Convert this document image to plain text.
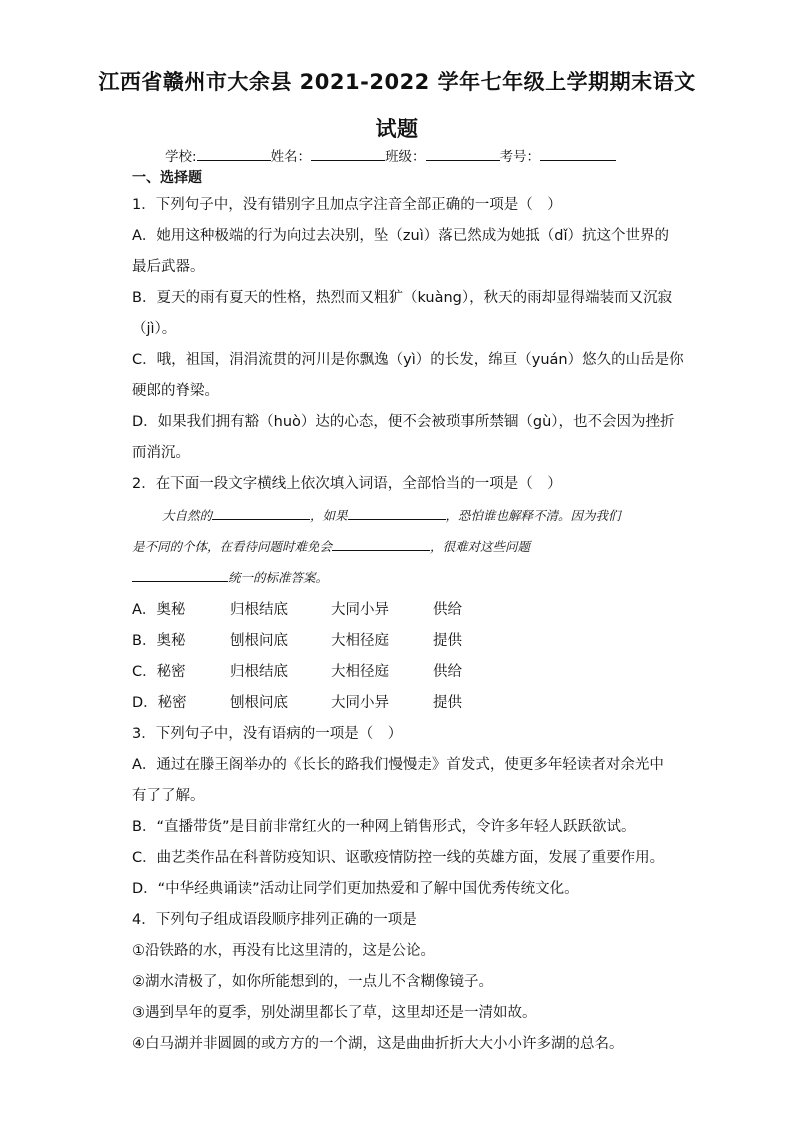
江西省赣州市大余县 2021-2022 学年七年级上学期期末语文
试题
学校:	姓名：	班级：	考号：
一、选择题
1．下列句子中，没有错别字且加点字注音全部正确的一项是（　）
A．她用这种极端的行为向过去决别，坠（zuì）落已然成为她抵（dǐ）抗这个世界的
最后武器。
B．夏天的雨有夏天的性格，热烈而又粗犷（kuàng），秋天的雨却显得端装而又沉寂
（jì）。
C．哦，祖国，涓涓流贯的河川是你飘逸（yì）的长发，绵亘（yuán）悠久的山岳是你
硬郎的脊梁。
D．如果我们拥有豁（huò）达的心态，便不会被琐事所禁锢（gù），也不会因为挫折
而消沉。
2．在下面一段文字横线上依次填入词语，全部恰当的一项是（　）
大自然的	，如果	，恐怕谁也解释不清。因为我们
是不同的个体，在看待问题时难免会	，很难对这些问题
统一的标准答案。
A．奥秘	归根结底	大同小异	供给
B．奥秘	刨根问底	大相径庭	提供
C．秘密	归根结底	大相径庭	供给
D．秘密	刨根问底	大同小异	提供
3．下列句子中，没有语病的一项是（　）
A．通过在滕王阁举办的《长长的路我们慢慢走》首发式，使更多年轻读者对余光中
有了了解。
B．“直播带货”是目前非常红火的一种网上销售形式，令许多年轻人跃跃欲试。
C．曲艺类作品在科普防疫知识、讴歌疫情防控一线的英雄方面，发展了重要作用。
D．“中华经典诵读”活动让同学们更加热爱和了解中国优秀传统文化。
4．下列句子组成语段顺序排列正确的一项是
①沿铁路的水，再没有比这里清的，这是公论。
②湖水清极了，如你所能想到的，一点儿不含糊像镜子。
③遇到旱年的夏季，别处湖里都长了草，这里却还是一清如故。
④白马湖并非圆圆的或方方的一个湖，这是曲曲折折大大小小许多湖的总名。
